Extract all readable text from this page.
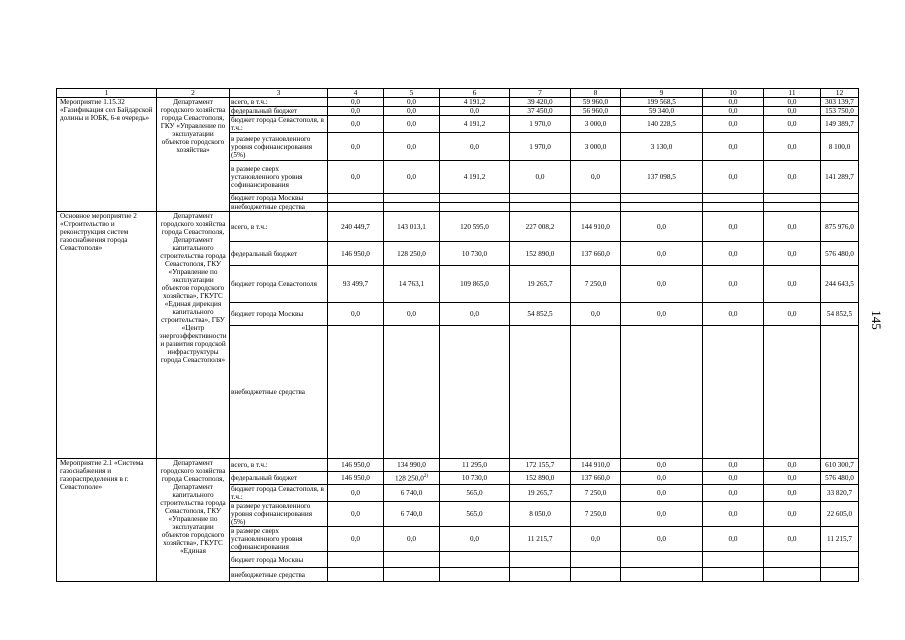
145
1	2	3	4	5	6	7	8	9	10	11	12
Мероприятие 1.15.32 «Газификация сел Байдарской долины и ЮБК, 6-я очередь»	Департамент городского хозяйства города Севастополя, ГКУ «Управление по эксплуатации объектов городского хозяйства»	всего, в т.ч.:	0,0	0,0	4 191,2	39 420,0	59 960,0	199 568,5	0,0	0,0	303 139,7
		федеральный бюджет	0,0	0,0	0,0	37 450,0	56 960,0	59 340,0	0,0	0,0	153 750,0
		бюджет города Севастополя, в т.ч.:	0,0	0,0	4 191,2	1 970,0	3 000,0	140 228,5	0,0	0,0	149 389,7
		в размере установленного уровня софинансирования (5%)	0,0	0,0	0,0	1 970,0	3 000,0	3 130,0	0,0	0,0	8 100,0
		в размере сверх установленного уровня софинансирования	0,0	0,0	4 191,2	0,0	0,0	137 098,5	0,0	0,0	141 289,7
		бюджет города Москвы									
		внебюджетные средства									
Основное мероприятие 2 «Строительство и реконструкция систем газоснабжения города Севастополя»	Департамент городского хозяйства города Севастополя, Департамент капитального строительства города Севастополя, ГКУ «Управление по эксплуатации объектов городского хозяйства», ГКУГС «Единая дирекция капитального строительства», ГБУ «Центр энергоэффективности и развития городской инфраструктуры города Севастополя»	всего, в т.ч.:	240 449,7	143 013,1	120 595,0	227 008,2	144 910,0	0,0	0,0	0,0	875 976,0
		федеральный бюджет	146 950,0	128 250,0	10 730,0	152 890,0	137 660,0	0,0	0,0	0,0	576 480,0
		бюджет города Севастополя	93 499,7	14 763,1	109 865,0	19 265,7	7 250,0	0,0	0,0	0,0	244 643,5
		бюджет города Москвы	0,0	0,0	0,0	54 852,5	0,0	0,0	0,0	0,0	54 852,5
		внебюджетные средства									
Мероприятие 2.1 «Система газоснабжения и газораспределения в г. Севастополе»	Департамент городского хозяйства города Севастополя, Департамент капитального строительства города Севастополя, ГКУ «Управление по эксплуатации объектов городского хозяйства», ГКУГС «Единая	всего, в т.ч.:	146 950,0	134 990,0	11 295,0	172 155,7	144 910,0	0,0	0,0	0,0	610 300,7
		федеральный бюджет	146 950,0	128 250,0$^{2)}$	10 730,0	152 890,0	137 660,0	0,0	0,0	0,0	576 480,0
		бюджет города Севастополя, в т.ч.:	0,0	6 740,0	565,0	19 265,7	7 250,0	0,0	0,0	0,0	33 820,7
		в размере установленного уровня софинансирования (5%)	0,0	6 740,0	565,0	8 050,0	7 250,0	0,0	0,0	0,0	22 605,0
		в размере сверх установленного уровня софинансирования	0,0	0,0	0,0	11 215,7	0,0	0,0	0,0	0,0	11 215,7
		бюджет города Москвы									
		внебюджетные средства									
